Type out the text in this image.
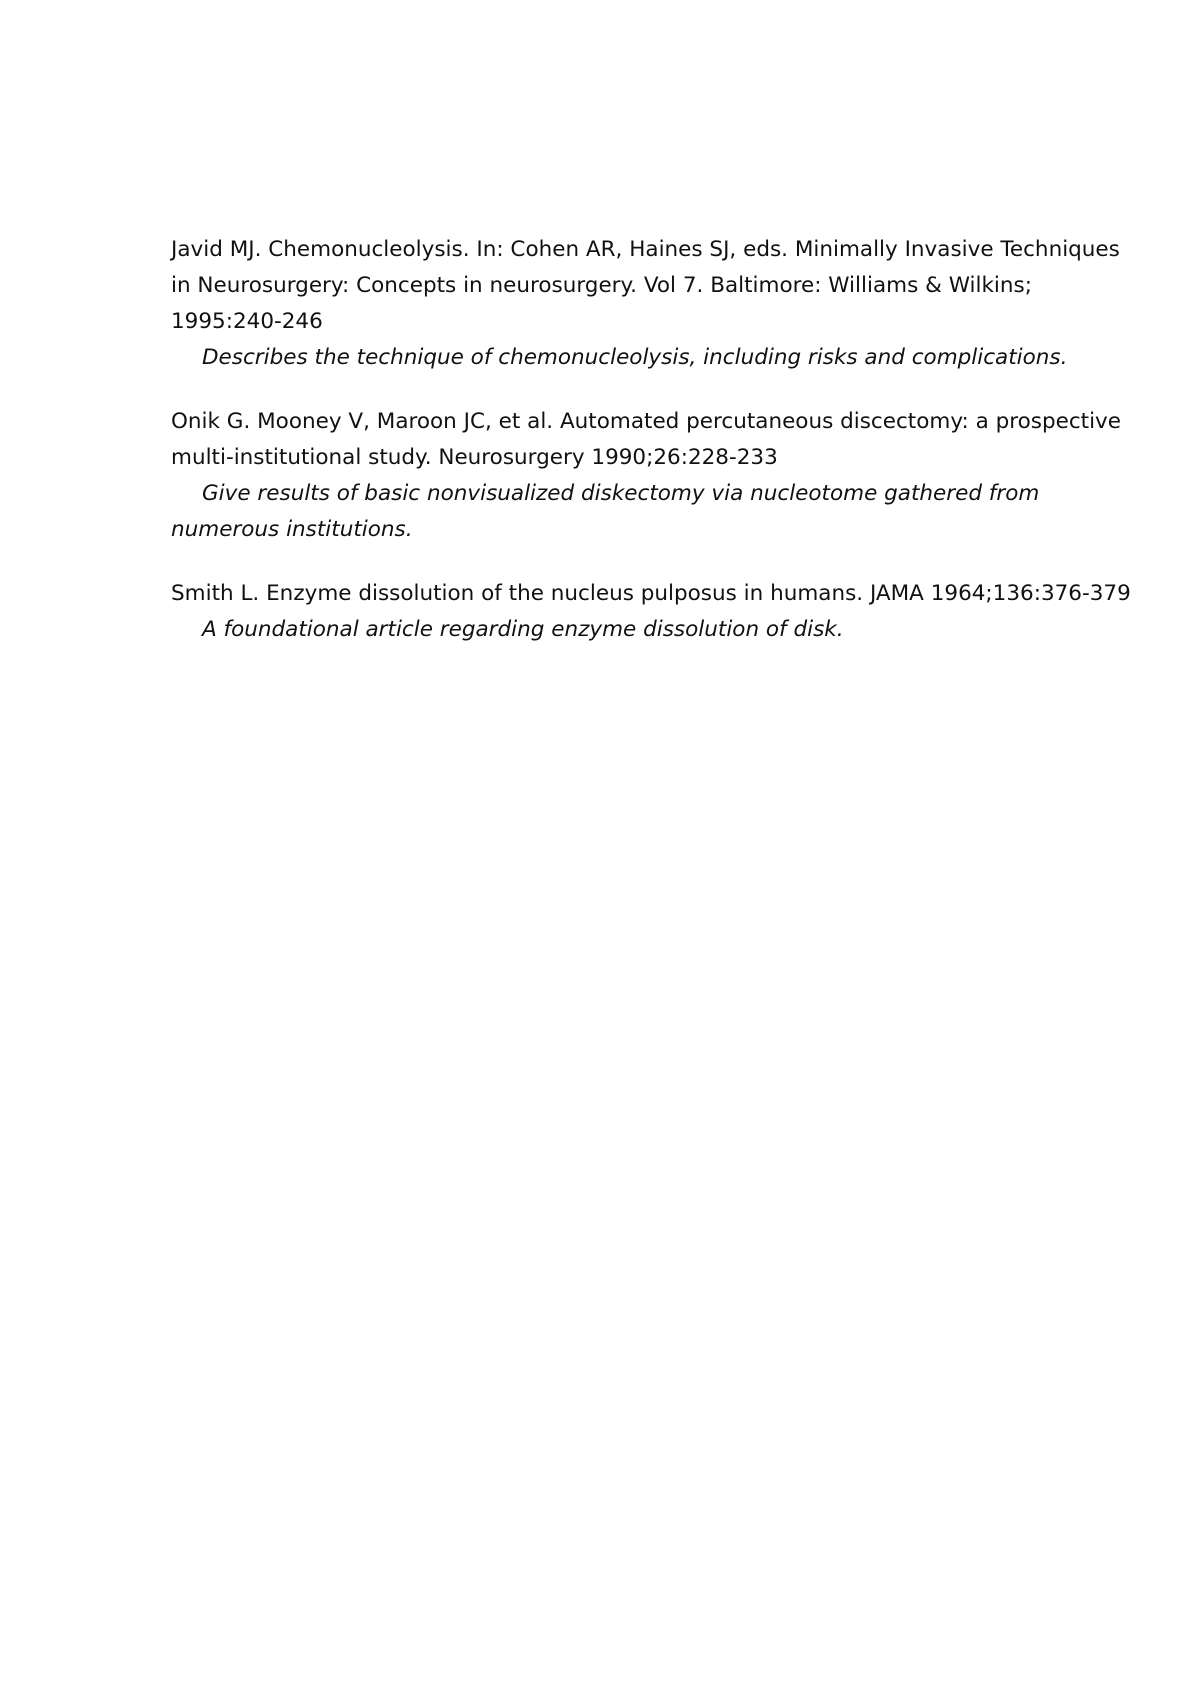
Javid MJ. Chemonucleolysis. In: Cohen AR, Haines SJ, eds. Minimally Invasive Techniques in Neurosurgery: Concepts in neurosurgery. Vol 7. Baltimore: Williams & Wilkins; 1995:240-246

Describes the technique of chemonucleolysis, including risks and complications.

Onik G. Mooney V, Maroon JC, et al. Automated percutaneous discectomy: a prospective multi-institutional study. Neurosurgery 1990;26:228-233

Give results of basic nonvisualized diskectomy via nucleotome gathered from numerous institutions.

Smith L. Enzyme dissolution of the nucleus pulposus in humans. JAMA 1964;136:376-379

A foundational article regarding enzyme dissolution of disk.
